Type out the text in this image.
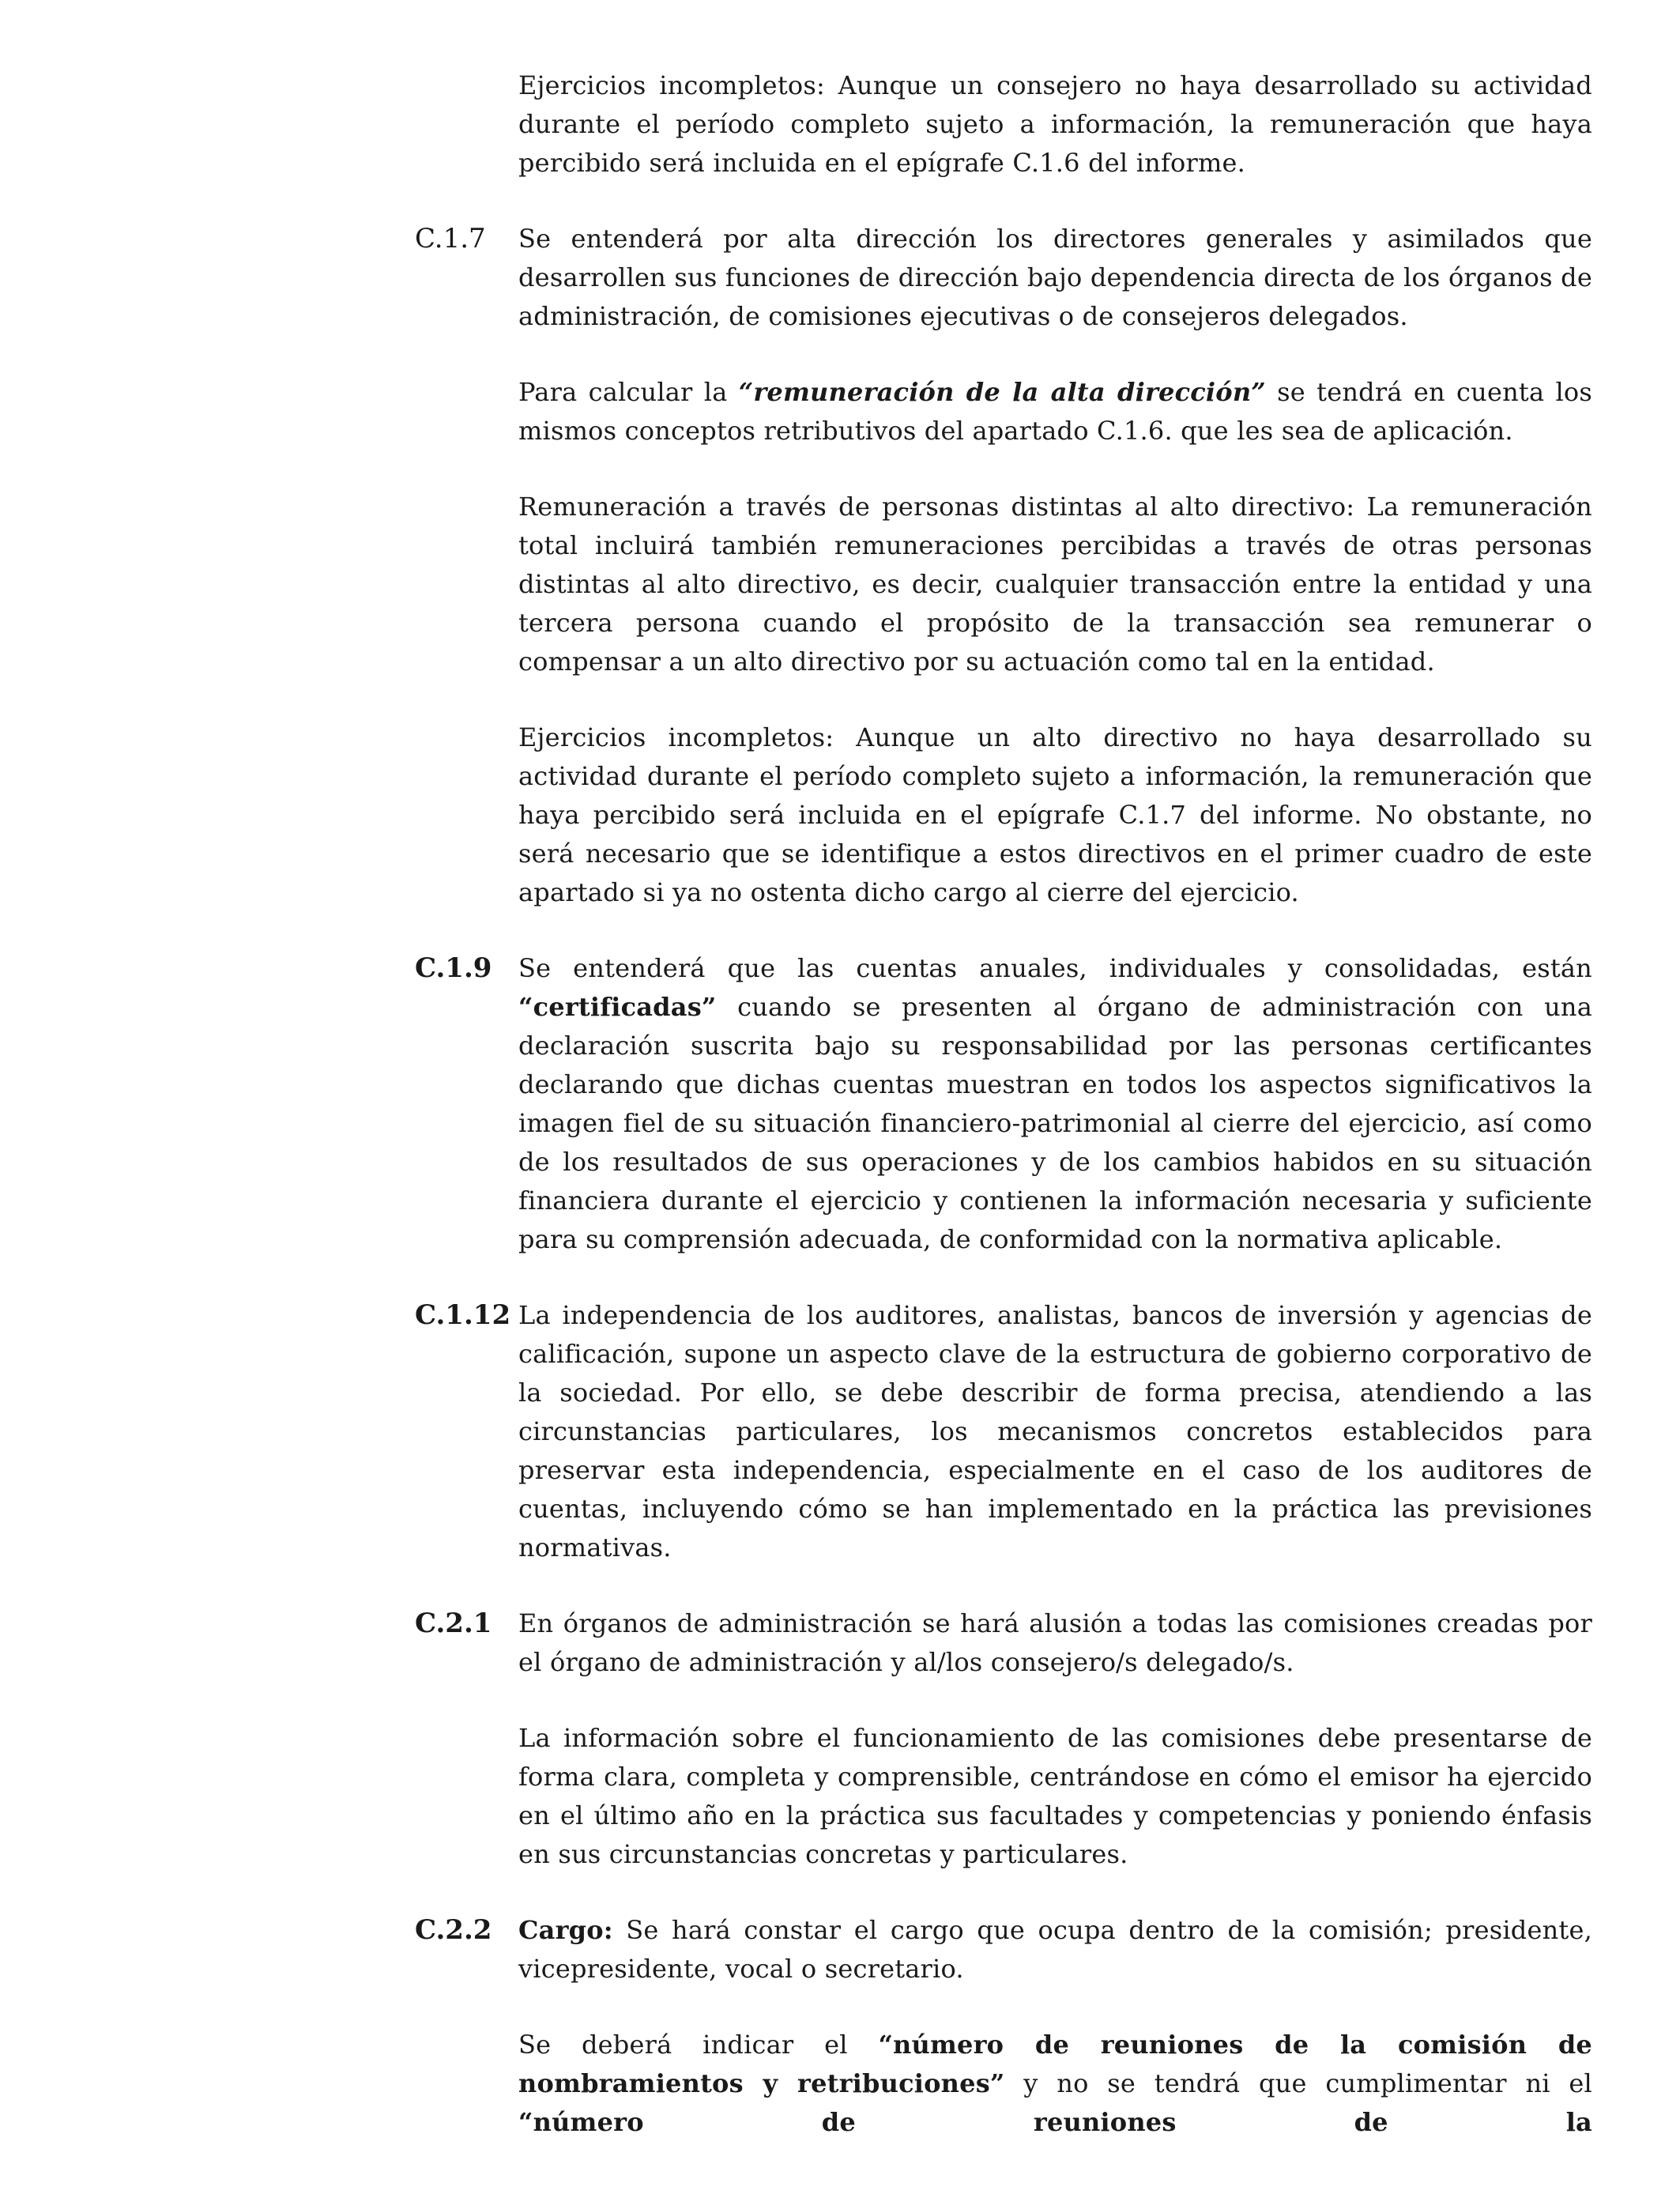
Ejercicios incompletos: Aunque un consejero no haya desarrollado su actividad durante el período completo sujeto a información, la remuneración que haya percibido será incluida en el epígrafe C.1.6 del informe.

C.1.7	Se entenderá por alta dirección los directores generales y asimilados que desarrollen sus funciones de dirección bajo dependencia directa de los órganos de administración, de comisiones ejecutivas o de consejeros delegados.

Para calcular la “remuneración de la alta dirección” se tendrá en cuenta los mismos conceptos retributivos del apartado C.1.6. que les sea de aplicación.

Remuneración a través de personas distintas al alto directivo: La remuneración total incluirá también remuneraciones percibidas a través de otras personas distintas al alto directivo, es decir, cualquier transacción entre la entidad y una tercera persona cuando el propósito de la transacción sea remunerar o compensar a un alto directivo por su actuación como tal en la entidad.

Ejercicios incompletos: Aunque un alto directivo no haya desarrollado su actividad durante el período completo sujeto a información, la remuneración que haya percibido será incluida en el epígrafe C.1.7 del informe. No obstante, no será necesario que se identifique a estos directivos en el primer cuadro de este apartado si ya no ostenta dicho cargo al cierre del ejercicio.

C.1.9	Se entenderá que las cuentas anuales, individuales y consolidadas, están “certificadas” cuando se presenten al órgano de administración con una declaración suscrita bajo su responsabilidad por las personas certificantes declarando que dichas cuentas muestran en todos los aspectos significativos la imagen fiel de su situación financiero-patrimonial al cierre del ejercicio, así como de los resultados de sus operaciones y de los cambios habidos en su situación financiera durante el ejercicio y contienen la información necesaria y suficiente para su comprensión adecuada, de conformidad con la normativa aplicable.

C.1.12 La independencia de los auditores, analistas, bancos de inversión y agencias de calificación, supone un aspecto clave de la estructura de gobierno corporativo de la sociedad. Por ello, se debe describir de forma precisa, atendiendo a las circunstancias particulares, los mecanismos concretos establecidos para preservar esta independencia, especialmente en el caso de los auditores de cuentas, incluyendo cómo se han implementado en la práctica las previsiones normativas.

C.2.1	En órganos de administración se hará alusión a todas las comisiones creadas por el órgano de administración y al/los consejero/s delegado/s.

La información sobre el funcionamiento de las comisiones debe presentarse de forma clara, completa y comprensible, centrándose en cómo el emisor ha ejercido en el último año en la práctica sus facultades y competencias y poniendo énfasis en sus circunstancias concretas y particulares.

C.2.2	Cargo: Se hará constar el cargo que ocupa dentro de la comisión; presidente, vicepresidente, vocal o secretario.

Se deberá indicar el “número de reuniones de la comisión de nombramientos y retribuciones” y no se tendrá que cumplimentar ni el “número de reuniones de la
